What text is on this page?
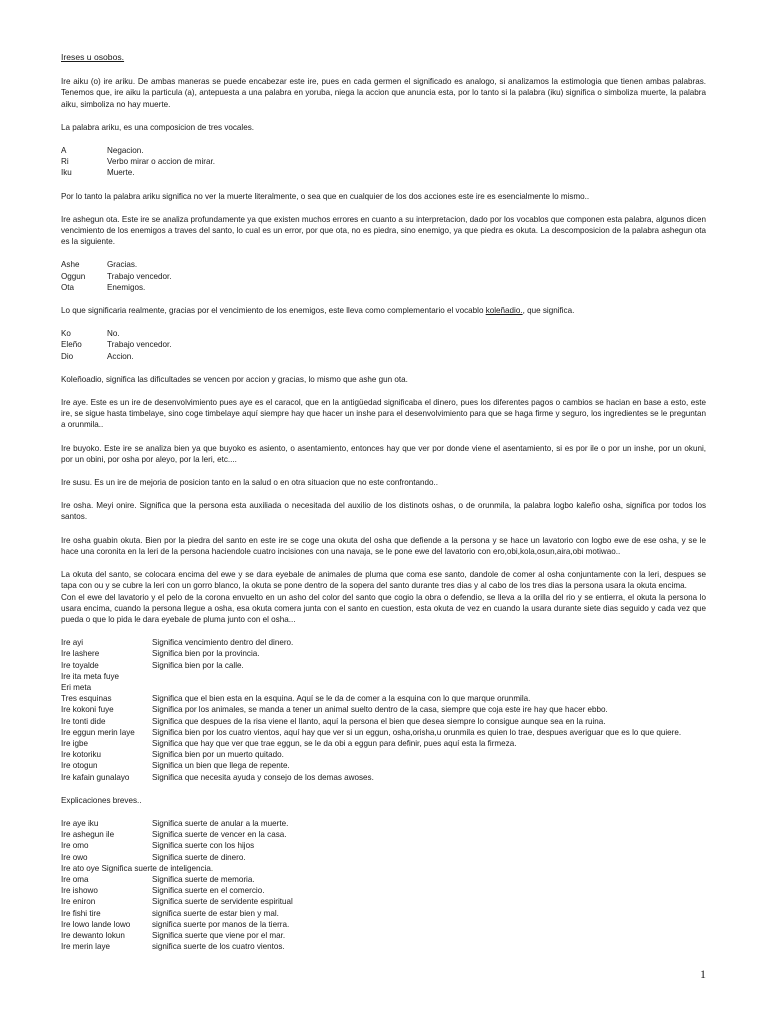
Ireses u osobos.

Ire aiku (o) ire ariku. De ambas maneras se puede encabezar este ire, pues en cada germen el significado es analogo, si analizamos la estimologia que tienen ambas palabras. Tenemos que, ire aiku la particula (a), antepuesta a una palabra en yoruba, niega la accion que anuncia esta, por lo tanto si la palabra (iku) significa o simboliza muerte, la palabra aiku, simboliza no hay muerte.

La palabra ariku, es una composicion de tres vocales.

A	Negacion.
Ri	Verbo mirar o accion de mirar.
Iku	Muerte.

Por lo tanto la palabra ariku significa no ver la muerte literalmente, o sea que en cualquier de los dos acciones este ire es esencialmente lo mismo..

Ire ashegun ota. Este ire se analiza profundamente ya que existen muchos errores en cuanto a su interpretacion, dado por los vocablos que componen esta palabra, algunos dicen vencimiento de los enemigos a traves del santo, lo cual es un error, por que ota, no es piedra, sino enemigo, ya que piedra es okuta. La descomposicion de la palabra ashegun ota es la siguiente.

Ashe	Gracias.
Oggun	Trabajo vencedor.
Ota	Enemigos.

Lo que significaria realmente, gracias por el vencimiento de los enemigos, este lleva como complementario el vocablo koleñadio., que significa.

Ko	No.
Eleño	Trabajo vencedor.
Dio	Accion.

Koleñoadio, significa las dificultades se vencen por accion y gracias, lo mismo que ashe gun ota.

Ire aye. Este es un ire de desenvolvimiento pues aye es el caracol, que en la antigüedad significaba el dinero, pues los diferentes pagos o cambios se hacian en base a esto, este ire, se sigue hasta timbelaye, sino coge timbelaye aquí siempre hay que hacer un inshe para el desenvolvimiento para que se haga firme y seguro, los ingredientes se le preguntan a orunmila..

Ire buyoko. Este ire se analiza bien ya que buyoko es asiento, o asentamiento, entonces hay que ver por donde viene el asentamiento, si es por ile o por un inshe, por un okuni, por un obini, por osha por aleyo, por la leri, etc....

Ire susu. Es un ire de mejoria de posicion tanto en la salud o en otra situacion que no este confrontando..

Ire osha. Meyi onire. Significa que la persona esta auxiliada o necesitada del auxilio de los distinots oshas, o de orunmila, la palabra logbo kaleño osha, significa por todos los santos.

Ire osha guabin okuta. Bien por la piedra del santo en este ire se coge una okuta del osha que defiende a la persona y se hace un lavatorio con logbo ewe de ese osha, y se le hace una coronita en la leri de la persona haciendole cuatro incisiones con una navaja, se le pone ewe del lavatorio con ero,obi,kola,osun,aira,obi motiwao..

La okuta del santo, se colocara encima del ewe y se dara eyebale de animales de pluma que coma ese santo, dandole de comer al osha conjuntamente con la leri, despues se tapa con ou y se cubre la leri con un gorro blanco, la okuta se pone dentro de la sopera del santo durante tres dias y al cabo de los tres dias la persona usara la okuta encima.
Con el ewe del lavatorio y el pelo de la corona envuelto en un asho del color del santo que cogio la obra o defendio, se lleva a la orilla del rio y se entierra, el okuta la persona lo usara encima, cuando la persona llegue a osha, esa okuta comera junta con el santo en cuestion, esta okuta de vez en cuando la usara durante siete dias seguido y cada vez que pueda o que lo pida le dara eyebale de pluma junto con el osha...

Ire ayi	Significa vencimiento dentro del dinero.
Ire lashere	Significa bien por la provincia.
Ire toyalde	Significa bien por la calle.
Ire ita meta fuye
Eri meta
Tres esquinas	Significa que el bien esta en la esquina. Aquí se le da de comer a la esquina con lo que marque orunmila.
Ire kokoni fuye	Significa por los animales, se manda a tener un animal suelto dentro de la casa, siempre que coja este ire hay que hacer ebbo.
Ire tonti dide	Significa que despues de la risa viene el llanto, aquí la persona el bien que desea siempre lo consigue aunque sea en la ruina.
Ire eggun merin laye	Significa bien por los cuatro vientos, aquí hay que ver si un eggun, osha,orisha,u orunmila es quien lo trae, despues averiguar que es lo que quiere.
Ire igbe	Significa que hay que ver que trae eggun, se le da obi a eggun para definir, pues aquí esta la firmeza.
Ire kotoriku	Significa bien por un muerto quitado.
Ire otogun	Significa un bien que llega de repente.
Ire kafain gunalayo	Significa que necesita ayuda y consejo de los demas awoses.

Explicaciones breves..

Ire aye iku	Significa suerte de anular a la muerte.
Ire ashegun ile	Significa suerte de vencer en la casa.
Ire omo	Significa suerte con los hijos
Ire owo	Significa suerte de dinero.
Ire ato oye Significa suerte de inteligencia.
Ire oma	Significa suerte de memoria.
Ire ishowo	Significa suerte en el comercio.
Ire eniron	Significa suerte de servidente espiritual
Ire fishi tire	significa suerte de estar bien y mal.
Ire lowo lande lowo	significa suerte por manos de la tierra.
Ire dewanto lokun	Significa suerte que viene por el mar.
Ire merin laye	significa suerte de los cuatro vientos.
1
